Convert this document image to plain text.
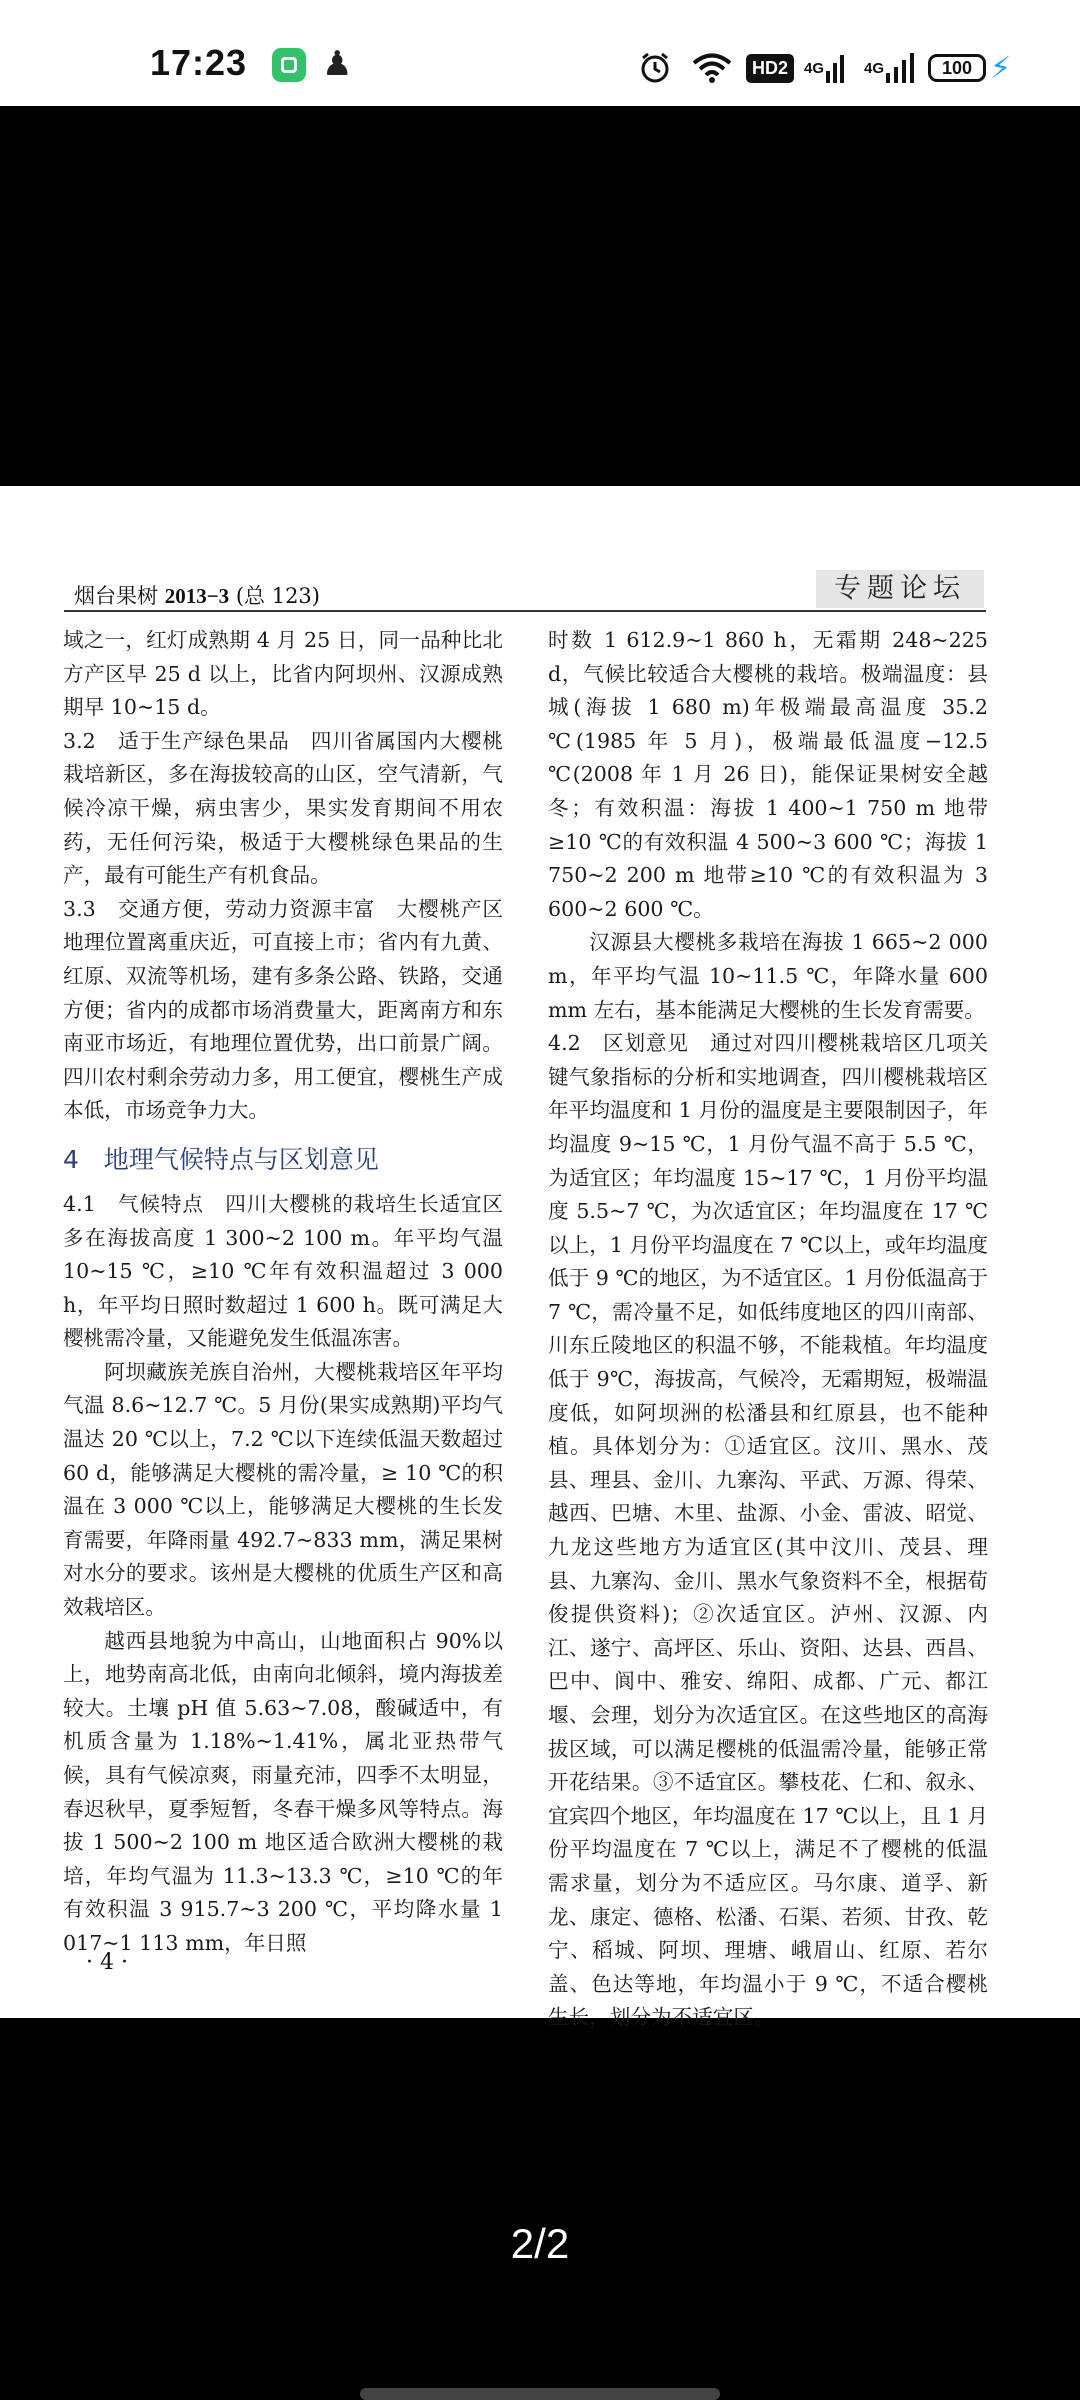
17:23 ♟	HD2	4G	4G	100 ⚡
烟台果树 2013−3 (总 123)	专题论坛

域之一，红灯成熟期 4 月 25 日，同一品种比北方产区早 25 d 以上，比省内阿坝州、汉源成熟期早 10~15 d。

3.2　适于生产绿色果品　四川省属国内大樱桃栽培新区，多在海拔较高的山区，空气清新，气候冷凉干燥，病虫害少，果实发育期间不用农药，无任何污染，极适于大樱桃绿色果品的生产，最有可能生产有机食品。

3.3　交通方便，劳动力资源丰富　大樱桃产区地理位置离重庆近，可直接上市；省内有九黄、红原、双流等机场，建有多条公路、铁路，交通方便；省内的成都市场消费量大，距离南方和东南亚市场近，有地理位置优势，出口前景广阔。四川农村剩余劳动力多，用工便宜，樱桃生产成本低，市场竞争力大。

4　地理气候特点与区划意见

4.1　气候特点　四川大樱桃的栽培生长适宜区多在海拔高度 1 300~2 100 m。年平均气温 10~15 ℃，≥10 ℃年有效积温超过 3 000 h，年平均日照时数超过 1 600 h。既可满足大樱桃需冷量，又能避免发生低温冻害。

阿坝藏族羌族自治州，大樱桃栽培区年平均气温 8.6~12.7 ℃。5 月份(果实成熟期)平均气温达 20 ℃以上，7.2 ℃以下连续低温天数超过 60 d，能够满足大樱桃的需冷量，≥ 10 ℃的积温在 3 000 ℃以上，能够满足大樱桃的生长发育需要，年降雨量 492.7~833 mm，满足果树对水分的要求。该州是大樱桃的优质生产区和高效栽培区。

越西县地貌为中高山，山地面积占 90%以上，地势南高北低，由南向北倾斜，境内海拔差较大。土壤 pH 值 5.63~7.08，酸碱适中，有机质含量为 1.18%~1.41%，属北亚热带气候，具有气候凉爽，雨量充沛，四季不太明显，春迟秋早，夏季短暂，冬春干燥多风等特点。海拔 1 500~2 100 m 地区适合欧洲大樱桃的栽培，年均气温为 11.3~13.3 ℃，≥10 ℃的年有效积温 3 915.7~3 200 ℃，平均降水量 1 017~1 113 mm，年日照

时数 1 612.9~1 860 h，无霜期 248~225 d，气候比较适合大樱桃的栽培。极端温度：县城(海拔 1 680 m)年极端最高温度 35.2 ℃(1985 年 5 月)，极端最低温度−12.5 ℃(2008 年 1 月 26 日)，能保证果树安全越冬；有效积温：海拔 1 400~1 750 m 地带 ≥10 ℃的有效积温 4 500~3 600 ℃；海拔 1 750~2 200 m 地带≥10 ℃的有效积温为 3 600~2 600 ℃。

汉源县大樱桃多栽培在海拔 1 665~2 000 m，年平均气温 10~11.5 ℃，年降水量 600 mm 左右，基本能满足大樱桃的生长发育需要。

4.2　区划意见　通过对四川樱桃栽培区几项关键气象指标的分析和实地调查，四川樱桃栽培区年平均温度和 1 月份的温度是主要限制因子，年均温度 9~15 ℃，1 月份气温不高于 5.5 ℃，为适宜区；年均温度 15~17 ℃，1 月份平均温度 5.5~7 ℃，为次适宜区；年均温度在 17 ℃以上，1 月份平均温度在 7 ℃以上，或年均温度低于 9 ℃的地区，为不适宜区。1 月份低温高于 7 ℃，需冷量不足，如低纬度地区的四川南部、川东丘陵地区的积温不够，不能栽植。年均温度低于 9℃，海拔高，气候冷，无霜期短，极端温度低，如阿坝洲的松潘县和红原县，也不能种植。具体划分为：①适宜区。汶川、黑水、茂县、理县、金川、九寨沟、平武、万源、得荣、越西、巴塘、木里、盐源、小金、雷波、昭觉、九龙这些地方为适宜区(其中汶川、茂县、理县、九寨沟、金川、黑水气象资料不全，根据荀俊提供资料)；②次适宜区。泸州、汉源、内江、遂宁、高坪区、乐山、资阳、达县、西昌、巴中、阆中、雅安、绵阳、成都、广元、都江堰、会理，划分为次适宜区。在这些地区的高海拔区域，可以满足樱桃的低温需冷量，能够正常开花结果。③不适宜区。攀枝花、仁和、叙永、宜宾四个地区，年均温度在 17 ℃以上，且 1 月份平均温度在 7 ℃以上，满足不了樱桃的低温需求量，划分为不适应区。马尔康、道孚、新龙、康定、德格、松潘、石渠、若须、甘孜、乾宁、稻城、阿坝、理塘、峨眉山、红原、若尔盖、色达等地，年均温小于 9 ℃，不适合樱桃生长，划分为不适宜区。

· 4 ·
2/2
